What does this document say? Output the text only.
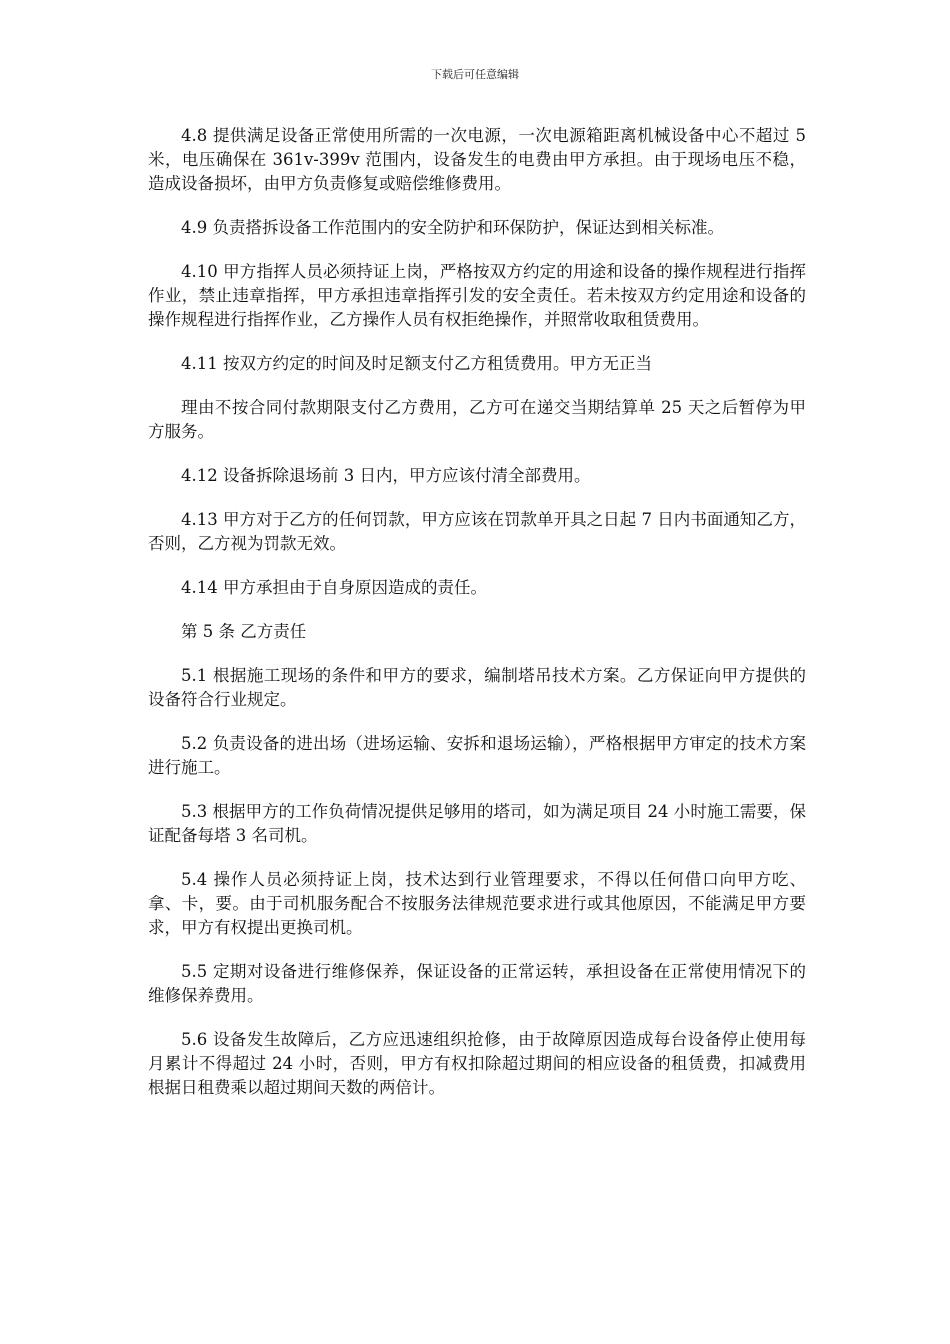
下载后可任意编辑

4.8 提供满足设备正常使用所需的一次电源，一次电源箱距离机械设备中心不超过 5 米，电压确保在 361v-399v 范围内，设备发生的电费由甲方承担。由于现场电压不稳，造成设备损坏，由甲方负责修复或赔偿维修费用。

4.9 负责搭拆设备工作范围内的安全防护和环保防护，保证达到相关标准。

4.10 甲方指挥人员必须持证上岗，严格按双方约定的用途和设备的操作规程进行指挥作业，禁止违章指挥，甲方承担违章指挥引发的安全责任。若未按双方约定用途和设备的操作规程进行指挥作业，乙方操作人员有权拒绝操作，并照常收取租赁费用。

4.11 按双方约定的时间及时足额支付乙方租赁费用。甲方无正当

理由不按合同付款期限支付乙方费用，乙方可在递交当期结算单 25 天之后暂停为甲方服务。

4.12 设备拆除退场前 3 日内，甲方应该付清全部费用。

4.13 甲方对于乙方的任何罚款，甲方应该在罚款单开具之日起 7 日内书面通知乙方，否则，乙方视为罚款无效。

4.14 甲方承担由于自身原因造成的责任。

第 5 条 乙方责任

5.1 根据施工现场的条件和甲方的要求，编制塔吊技术方案。乙方保证向甲方提供的设备符合行业规定。

5.2 负责设备的进出场（进场运输、安拆和退场运输），严格根据甲方审定的技术方案进行施工。

5.3 根据甲方的工作负荷情况提供足够用的塔司，如为满足项目 24 小时施工需要，保证配备每塔 3 名司机。

5.4 操作人员必须持证上岗，技术达到行业管理要求，不得以任何借口向甲方吃、拿、卡，要。由于司机服务配合不按服务法律规范要求进行或其他原因，不能满足甲方要求，甲方有权提出更换司机。

5.5 定期对设备进行维修保养，保证设备的正常运转，承担设备在正常使用情况下的维修保养费用。

5.6 设备发生故障后，乙方应迅速组织抢修，由于故障原因造成每台设备停止使用每月累计不得超过 24 小时，否则，甲方有权扣除超过期间的相应设备的租赁费，扣减费用根据日租费乘以超过期间天数的两倍计。
